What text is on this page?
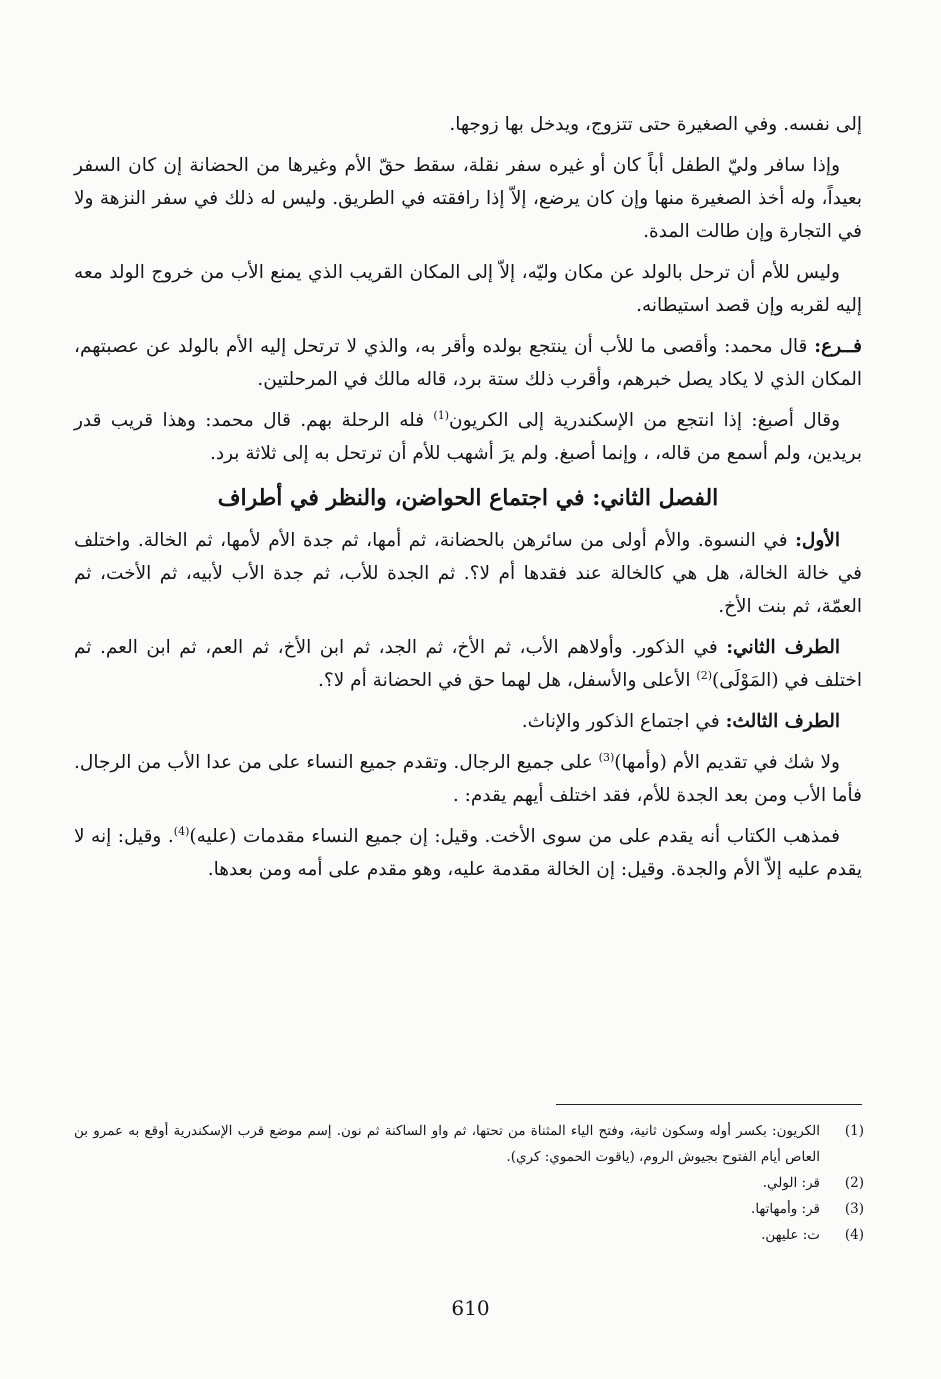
إلى نفسه. وفي الصغيرة حتى تتزوج، ويدخل بها زوجها.

وإذا سافر وليّ الطفل أباً كان أو غيره سفر نقلة، سقط حقّ الأم وغيرها من الحضانة إن كان السفر بعيداً، وله أخذ الصغيرة منها وإن كان يرضع، إلاّ إذا رافقته في الطريق. وليس له ذلك في سفر النزهة ولا في التجارة وإن طالت المدة.

وليس للأم أن ترحل بالولد عن مكان وليّه، إلاّ إلى المكان القريب الذي يمنع الأب من خروج الولد معه إليه لقربه وإن قصد استيطانه.

فــرع: قال محمد: وأقصى ما للأب أن ينتجع بولده وأقر به، والذي لا ترتحل إليه الأم بالولد عن عصبتهم، المكان الذي لا يكاد يصل خبرهم، وأقرب ذلك ستة برد، قاله مالك في المرحلتين.

وقال أصبغ: إذا انتجع من الإسكندرية إلى الكريون$^{(1)}$ فله الرحلة بهم. قال محمد: وهذا قريب قدر بريدين، ولم أسمع من قاله، ، وإنما أصبغ. ولم يرَ أشهب للأم أن ترتحل به إلى ثلاثة برد.

الفصل الثاني: في اجتماع الحواضن، والنظر في أطراف

الأول: في النسوة. والأم أولى من سائرهن بالحضانة، ثم أمها، ثم جدة الأم لأمها، ثم الخالة. واختلف في خالة الخالة، هل هي كالخالة عند فقدها أم لا؟. ثم الجدة للأب، ثم جدة الأب لأبيه، ثم الأخت، ثم العمّة، ثم بنت الأخ.

الطرف الثاني: في الذكور. وأولاهم الأب، ثم الأخ، ثم الجد، ثم ابن الأخ، ثم العم، ثم ابن العم. ثم اختلف في (المَوْلَى)$^{(2)}$ الأعلى والأسفل، هل لهما حق في الحضانة أم لا؟.

الطرف الثالث: في اجتماع الذكور والإناث.

ولا شك في تقديم الأم (وأمها)$^{(3)}$ على جميع الرجال. وتقدم جميع النساء على من عدا الأب من الرجال. فأما الأب ومن بعد الجدة للأم، فقد اختلف أيهم يقدم: .

فمذهب الكتاب أنه يقدم على من سوى الأخت. وقيل: إن جميع النساء مقدمات (عليه)$^{(4)}$. وقيل: إنه لا يقدم عليه إلاّ الأم والجدة. وقيل: إن الخالة مقدمة عليه، وهو مقدم على أمه ومن بعدها.

(1)
الكريون: بكسر أوله وسكون ثانية، وفتح الياء المثناة من تحتها، ثم واو الساكنة ثم نون. إسم موضع قرب الإسكندرية أوقع به عمرو بن العاص أيام الفتوح بجيوش الروم، (ياقوت الحموي: كري).
(2)
قر: الولي.
(3)
قر: وأمهاتها.
(4)
ت: عليهن.
610
